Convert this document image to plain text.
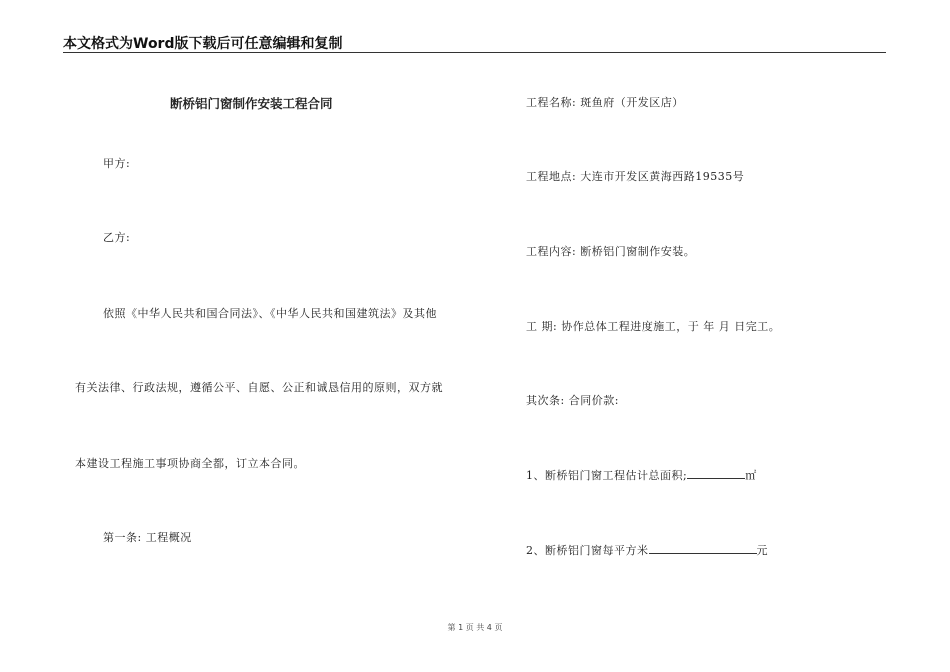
本文格式为Word版下载后可任意编辑和复制
断桥铝门窗制作安装工程合同
甲方:
乙方:
依照《中华人民共和国合同法》、《中华人民共和国建筑法》及其他
有关法律、行政法规，遵循公平、自愿、公正和诚恳信用的原则，双方就
本建设工程施工事项协商全都，订立本合同。
第一条: 工程概况
工程名称: 斑鱼府（开发区店）
工程地点: 大连市开发区黄海西路19535号
工程内容: 断桥铝门窗制作安装。
工 期: 协作总体工程进度施工，于 年 月 日完工。
其次条: 合同价款:
1、断桥铝门窗工程估计总面积;	㎡
2、断桥铝门窗每平方米	元
第 1 页 共 4 页
